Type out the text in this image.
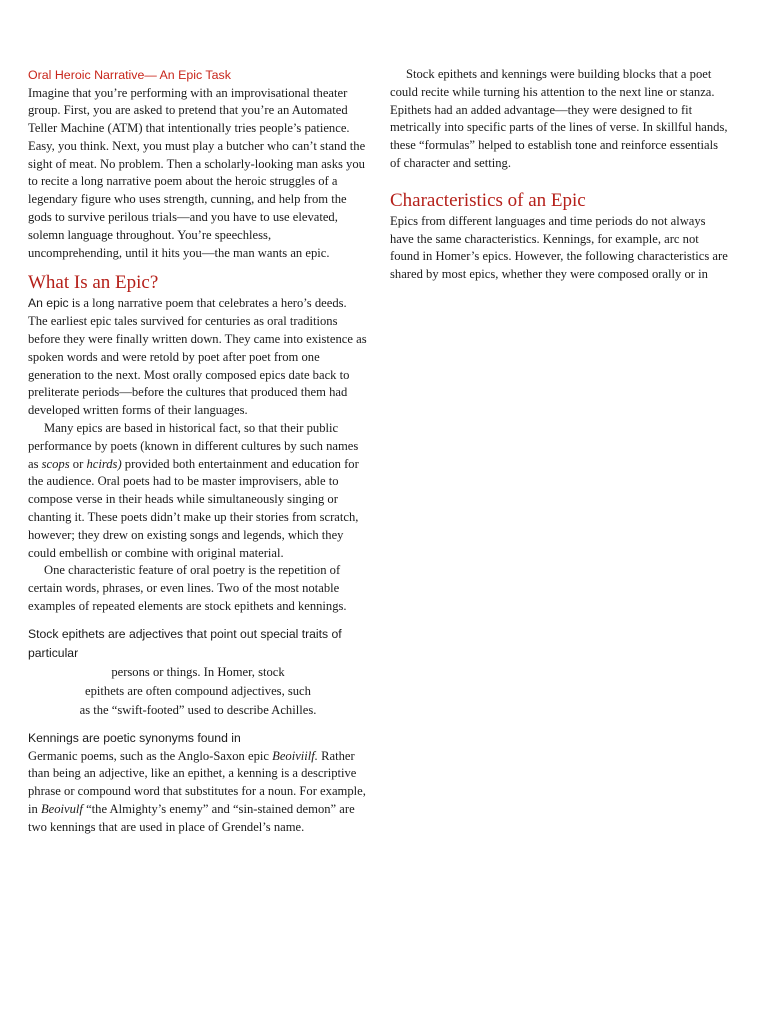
Oral Heroic Narrative— An Epic Task

Imagine that you’re performing with an improvisational theater group. First, you are asked to pretend that you’re an Automated Teller Machine (ATM) that intentionally tries people’s patience. Easy, you think. Next, you must play a butcher who can’t stand the sight of meat. No problem. Then a scholarly-looking man asks you to recite a long narrative poem about the heroic struggles of a legendary figure who uses strength, cunning, and help from the gods to survive perilous trials—and you have to use elevated, solemn language throughout. You’re speechless, uncomprehending, until it hits you—the man wants an epic.

What Is an Epic?

An epic is a long narrative poem that celebrates a hero’s deeds. The earliest epic tales survived for centuries as oral traditions before they were finally written down. They came into existence as spoken words and were retold by poet after poet from one generation to the next. Most orally composed epics date back to preliterate periods—before the cultures that produced them had developed written forms of their languages.

Many epics are based in historical fact, so that their public performance by poets (known in different cultures by such names as scops or hcirds) provided both entertainment and education for the audience. Oral poets had to be master improvisers, able to compose verse in their heads while simultaneously singing or chanting it. These poets didn’t make up their stories from scratch, however; they drew on existing songs and legends, which they could embellish or combine with original material.

One characteristic feature of oral poetry is the repetition of certain words, phrases, or even lines. Two of the most notable examples of repeated elements are stock epithets and kennings.

Stock epithets are adjectives that point out special traits of particular

persons or things. In Homer, stock

epithets are often compound adjectives, such

as the “swift-footed” used to describe Achilles.

Kennings are poetic synonyms found in

Germanic poems, such as the Anglo-Saxon epic Beoiviilf. Rather than being an adjective, like an epithet, a kenning is a descriptive phrase or compound word that substitutes for a noun. For example, in Beoivulf “the Almighty’s enemy” and “sin-stained demon” are two kennings that are used in place of Grendel’s name.

Stock epithets and kennings were building blocks that a poet could recite while turning his attention to the next line or stanza. Epithets had an added advantage—they were designed to fit metrically into specific parts of the lines of verse. In skillful hands, these “formulas” helped to establish tone and reinforce essentials of character and setting.

Characteristics of an Epic

Epics from different languages and time periods do not always have the same characteristics. Kennings, for example, arc not found in Homer’s epics. However, the following characteristics are shared by most epics, whether they were composed orally or in
